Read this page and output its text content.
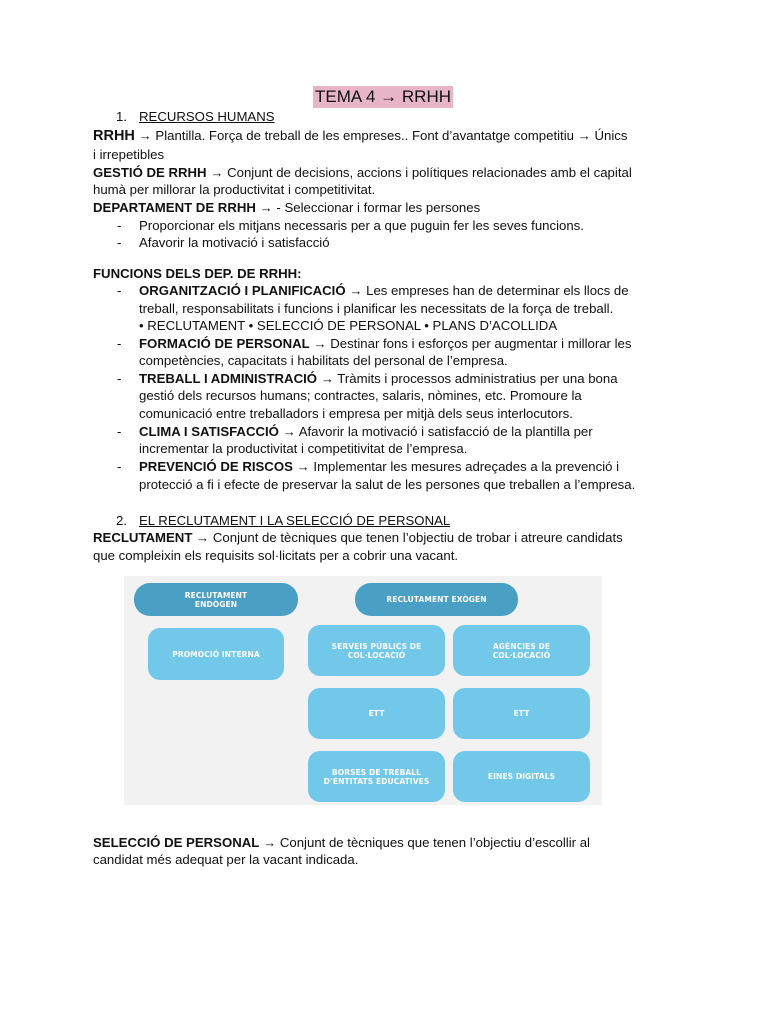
TEMA 4 → RRHH
1. RECURSOS HUMANS
RRHH → Plantilla. Força de treball de les empreses.. Font d’avantatge competitiu → Únics
i irrepetibles
GESTIÓ DE RRHH → Conjunt de decisions, accions i polítiques relacionades amb el capital
humà per millorar la productivitat i competitivitat.
DEPARTAMENT DE RRHH → - Seleccionar i formar les persones
- Proporcionar els mitjans necessaris per a que puguin fer les seves funcions.
- Afavorir la motivació i satisfacció
FUNCIONS DELS DEP. DE RRHH:
- ORGANITZACIÓ I PLANIFICACIÓ → Les empreses han de determinar els llocs de
treball, responsabilitats i funcions i planificar les necessitats de la força de treball.
• RECLUTAMENT • SELECCIÓ DE PERSONAL • PLANS D’ACOLLIDA
- FORMACIÓ DE PERSONAL → Destinar fons i esforços per augmentar i millorar les
competències, capacitats i habilitats del personal de l’empresa.
- TREBALL I ADMINISTRACIÓ → Tràmits i processos administratius per una bona
gestió dels recursos humans; contractes, salaris, nòmines, etc. Promoure la
comunicació entre treballadors i empresa per mitjà dels seus interlocutors.
- CLIMA I SATISFACCIÓ → Afavorir la motivació i satisfacció de la plantilla per
incrementar la productivitat i competitivitat de l’empresa.
- PREVENCIÓ DE RISCOS → Implementar les mesures adreçades a la prevenció i
protecció a fi i efecte de preservar la salut de les persones que treballen a l’empresa.
2. EL RECLUTAMENT I LA SELECCIÓ DE PERSONAL
RECLUTAMENT → Conjunt de tècniques que tenen l’objectiu de trobar i atreure candidats
que compleixin els requisits sol·licitats per a cobrir una vacant.
SELECCIÓ DE PERSONAL → Conjunt de tècniques que tenen l’objectiu d’escollir al
candidat més adequat per la vacant indicada.
RECLUTAMENT
ENDÒGEN	RECLUTAMENT EXÒGEN
PROMOCIÓ INTERNA
SERVEIS PÚBLICS DE
COL·LOCACIÓ
AGÈNCIES DE
COL·LOCACIÓ
ETT	ETT
BORSES DE TREBALL
D’ENTITATS EDUCATIVES	EINES DIGITALS
